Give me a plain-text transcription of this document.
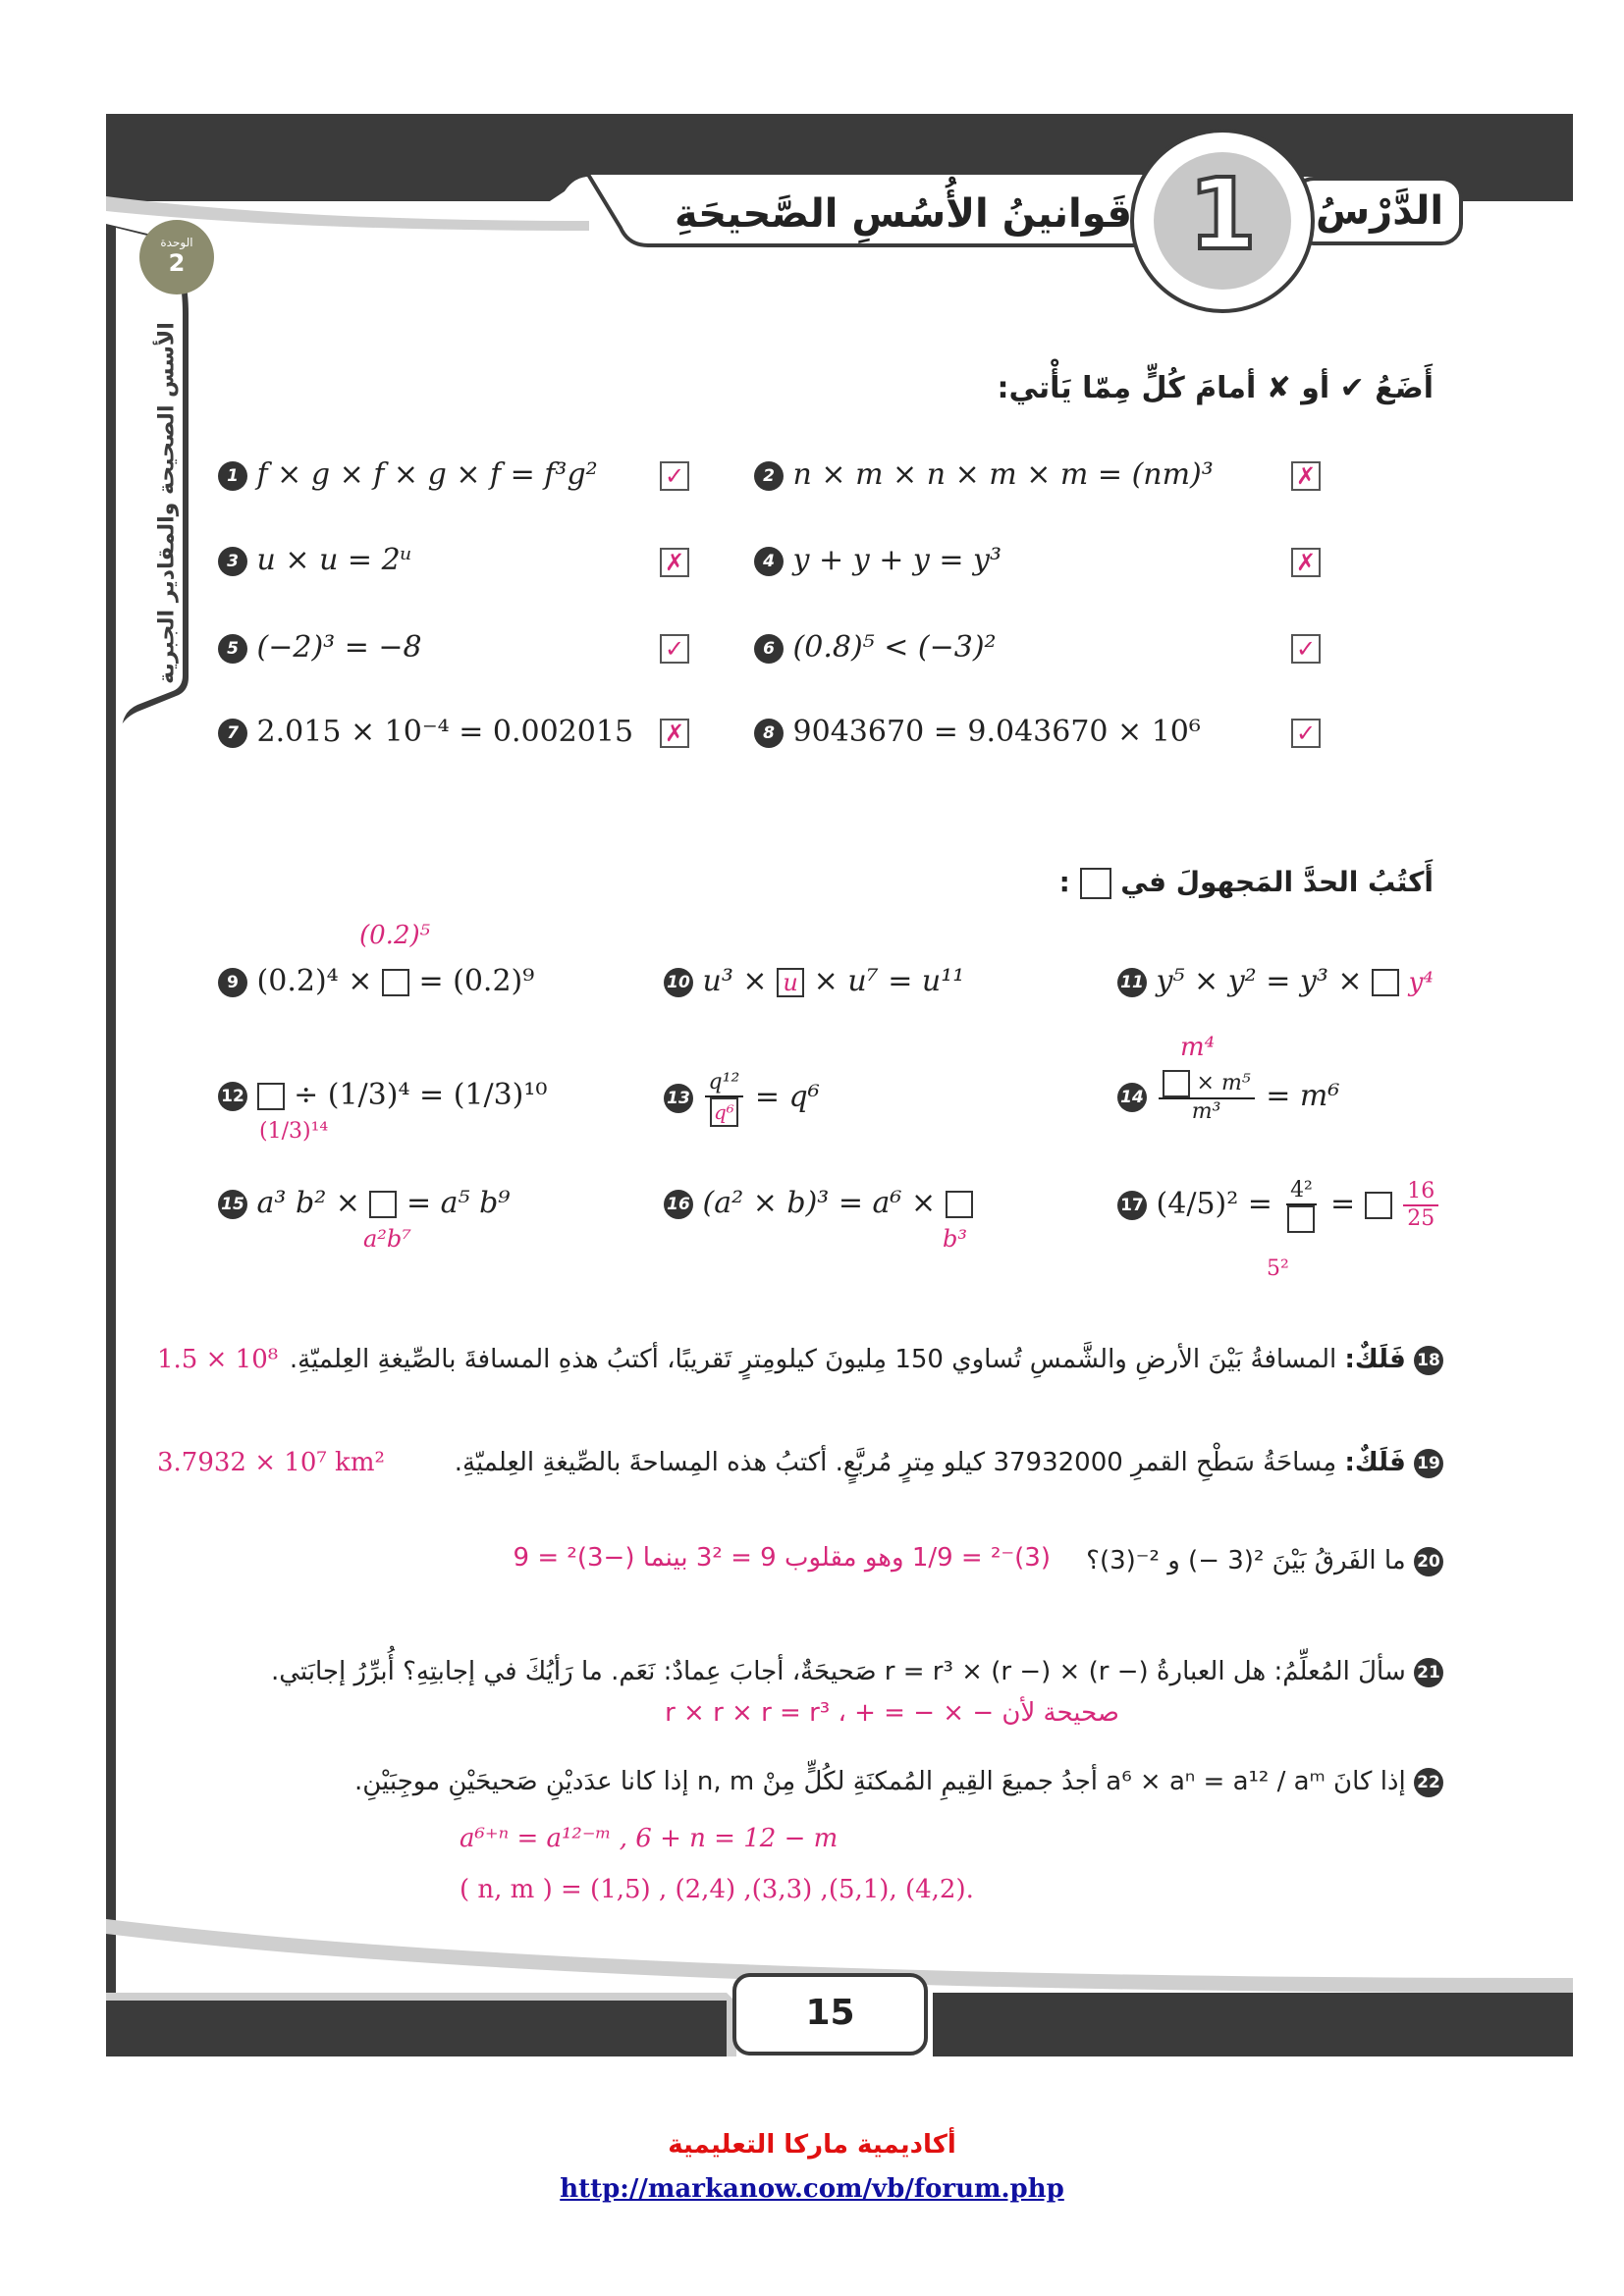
الدَّرْسُ
1
قَوانينُ الأُسُسِ الصَّحيحَةِ
الوحدة
2
الأسس الصحيحة والمقادير الجبرية	أَضَعُ ✔ أو ✘ أمامَ كُلٍّ مِمّا يَأْتي:
1 f × g × f × g × f = f³g²	✓	2 n × m × n × m × m = (nm)³	✗
3 u × u = 2ᵘ	✗	4 y + y + y = y³	✗
5 (−2)³ = −8	✓	6 (0.8)⁵ < (−3)²	✓
7 2.015 × 10⁻⁴ = 0.002015 ✗	8 9043670 = 9.043670 × 10⁶	✓
أَكتُبُ الحدَّ المَجهولَ في  :
(0.2)⁵
9 (0.2)⁴ × = (0.2)⁹	10 u³ × u × u⁷ = u¹¹	11 y⁵ × y² = y³ × y⁴
12 ÷ (1/3)⁴ = (1/3)¹⁰
(1/3)¹⁴
$13 \frac{\text{q¹²}}{\text{q⁶}} = q^6$
m⁴
$14 \frac{\text{× m⁵}}{\text{m³}} = m^6$
15 a³ b² × = a⁵ b⁹
a²b⁷
16 (a² × b)³ = a⁶ ×
b³
17 $(4/5)^2 = 4^2 = \frac{16}{25}$
5²
18 فَلَكٌ: المسافةُ بَيْنَ الأرضِ والشَّمسِ تُساوي 150 مِليونَ كيلومِترٍ تَقريبًا، أكتبُ هذهِ المسافةَ بالصِّيغةِ العِلميّةِ.
1.5 × 10⁸
19 فَلَكٌ: مِساحَةُ سَطْحِ القمرِ 37932000 كيلو مِترٍ مُربَّعٍ. أكتبُ هذه المِساحةَ بالصِّيغةِ العِلميّةِ.
3.7932 × 10⁷ km²
20 ما الفَرقُ بَيْنَ ²(3 −) و ²⁻(3)؟
(3)⁻² = 1/9 وهو مقلوب 9 = 3² بينما (−3)² = 9
21 سألَ المُعلِّمُ: هل العبارةُ (− r) × (− r) × r = r³ صَحيحَةٌ، أجابَ عِمادٌ: نَعَم. ما رَأيُكَ في إجابتِهِ؟ أُبرِّرُ إجابَتي.
صحيحة لأن − × − = + ، r × r × r = r³
22 إذا كانَ a⁶ × aⁿ = a¹² / aᵐ أجدُ جميعَ القِيمِ المُمكنَةِ لكُلٍّ مِنْ n, m إذا كانا عدَديْنِ صَحيحَيْنِ موجِبَيْنِ.
a⁶⁺ⁿ = a¹²⁻ᵐ , 6 + n = 12 − m
( n, m ) = (1,5) , (2,4) ,(3,3) ,(5,1), (4,2).
15
أكاديمية ماركا التعليمية
http://markanow.com/vb/forum.php
